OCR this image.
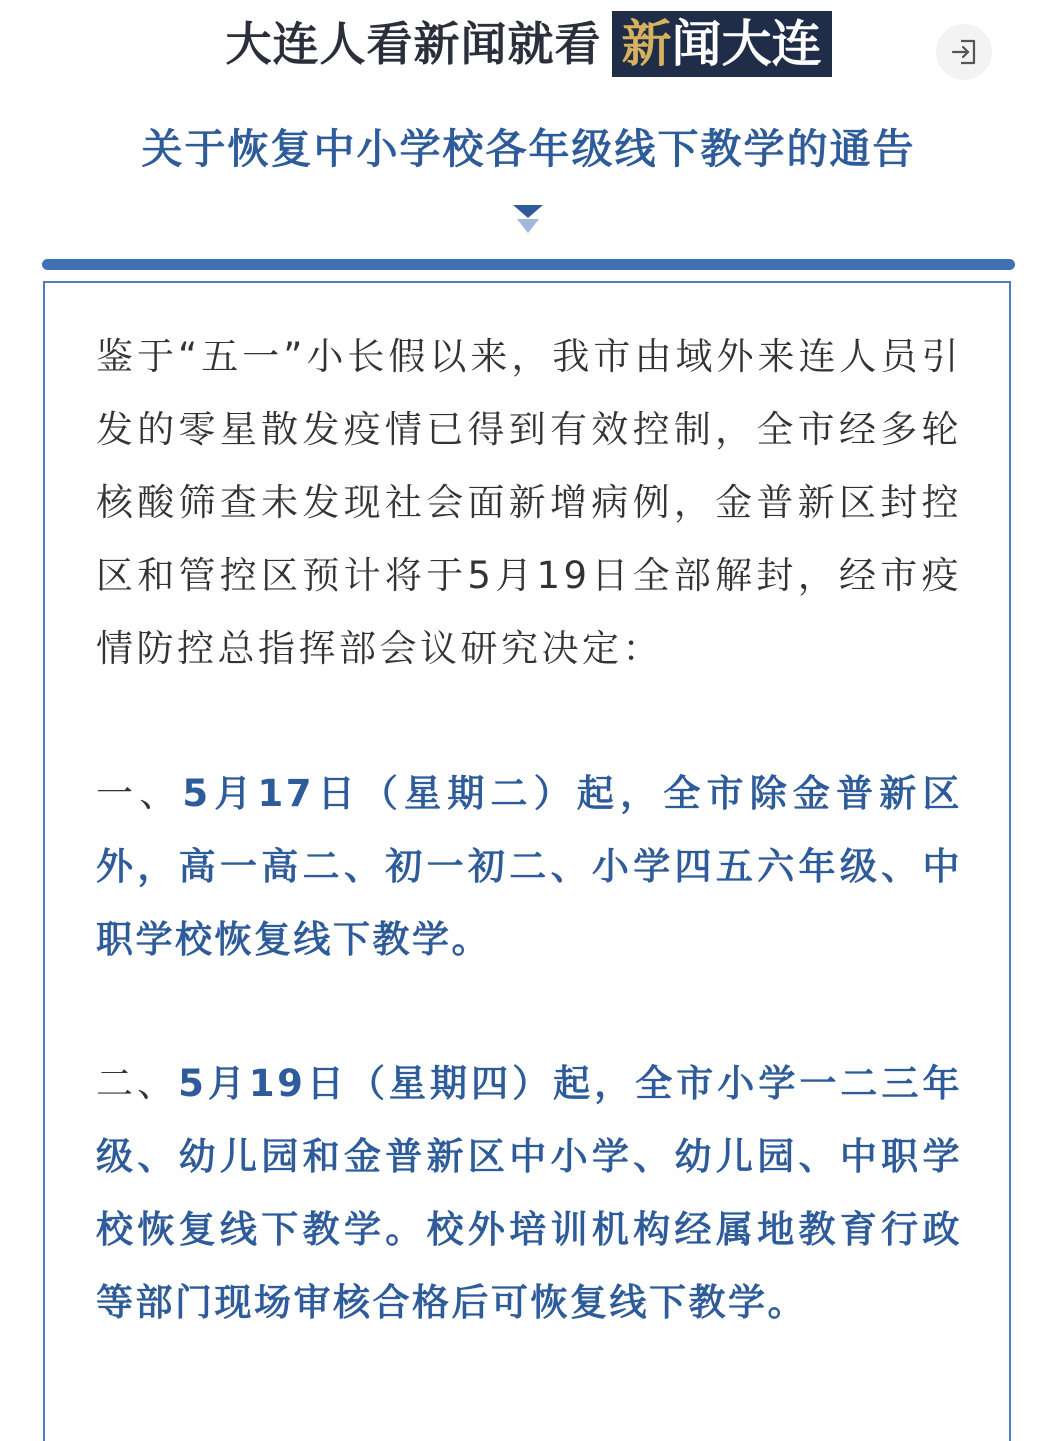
大连人看新闻就看 新 闻大连
关于恢复中小学校各年级线下教学的通告

鉴于“五一”小长假以来，我市由域外来连人员引发的零星散发疫情已得到有效控制，全市经多轮核酸筛查未发现社会面新增病例，金普新区封控区和管控区预计将于5月19日全部解封，经市疫情防控总指挥部会议研究决定：

一、5月17日（星期二）起，全市除金普新区外，高一高二、初一初二、小学四五六年级、中职学校恢复线下教学。

二、5月19日（星期四）起，全市小学一二三年级、幼儿园和金普新区中小学、幼儿园、中职学校恢复线下教学。校外培训机构经属地教育行政等部门现场审核合格后可恢复线下教学。
